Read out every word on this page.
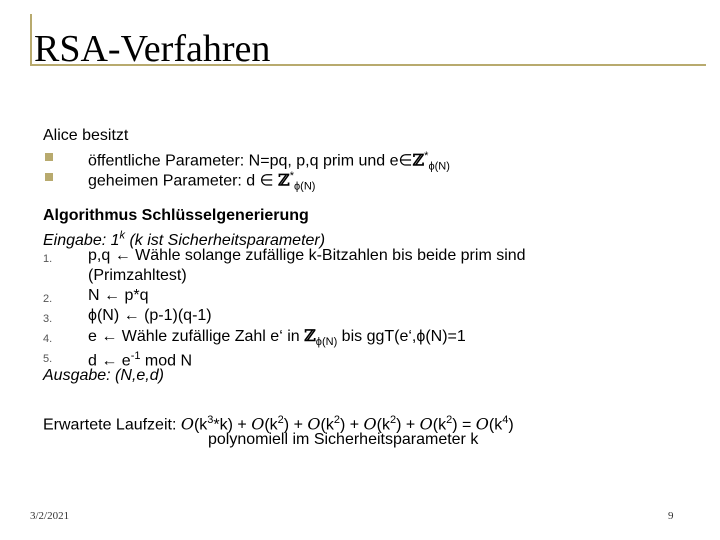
RSA-Verfahren
Alice besitzt
öffentliche Parameter: N=pq, p,q prim und e∈ℤ*$_{\phi(N)}$
geheimen Parameter: d ∈ ℤ*$_{\phi(N)}$
Algorithmus Schlüsselgenerierung
Eingabe: 1$^k$ (k ist Sicherheitsparameter)
1. p,q ← Wähle solange zufällige k-Bitzahlen bis beide prim sind
(Primzahltest)
2. N ← p*q
3. ϕ(N) ← (p-1)(q-1)
4. e ← Wähle zufällige Zahl e‘ in ℤ$_{\phi(N)}$ bis ggT(e‘,ϕ(N)=1
5. d ← $e^{-1}$ mod N
Ausgabe: (N,e,d)
Erwartete Laufzeit: $O(k^3*k) + O(k^2) + O(k^2) + O(k^2) + O(k^2) = O(k^4)$
polynomiell im Sicherheitsparameter k
3/2/2021	9
